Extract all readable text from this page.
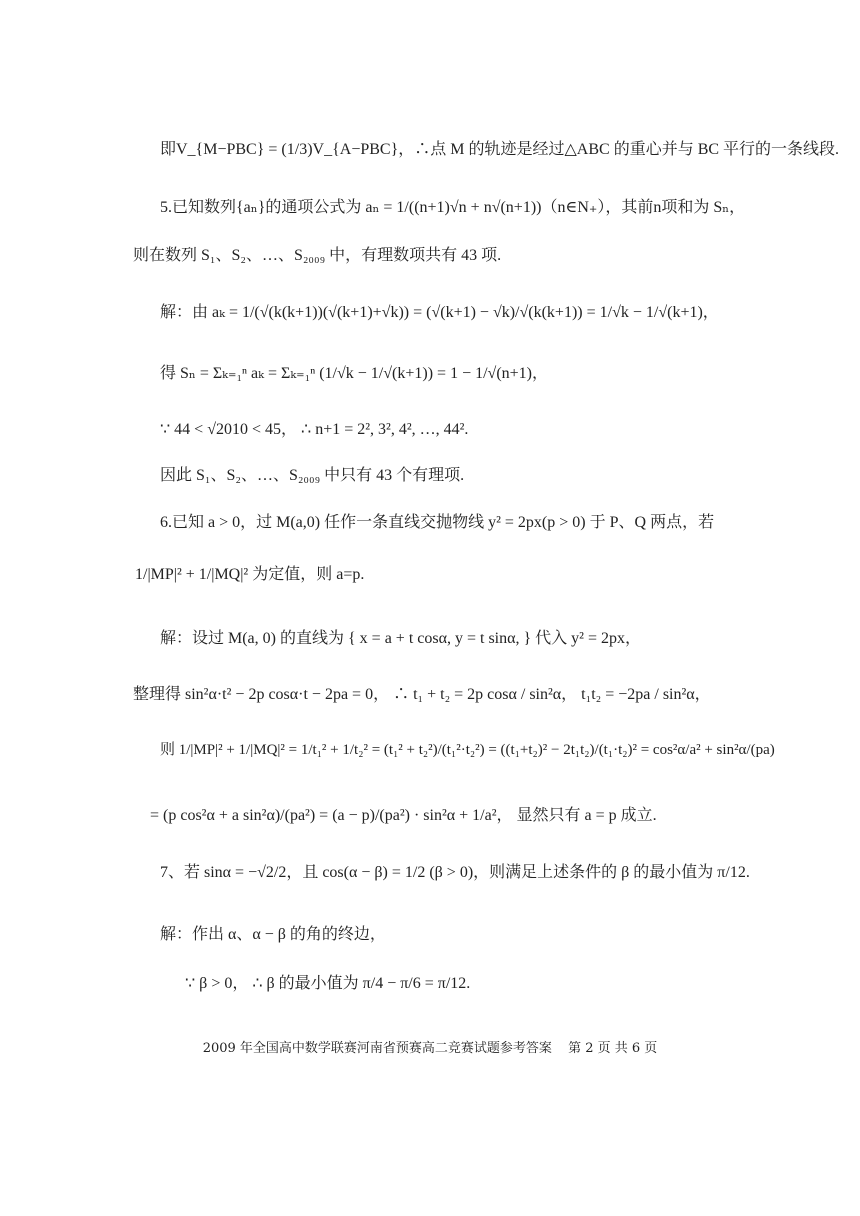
即V_{M−PBC} = (1/3)V_{A−PBC}，∴点 M 的轨迹是经过△ABC 的重心并与 BC 平行的一条线段.
5.已知数列{aₙ}的通项公式为 aₙ = 1/((n+1)√n + n√(n+1))（n∈N₊），其前n项和为 Sₙ，
则在数列 S₁、S₂、…、S₂₀₀₉ 中，有理数项共有 43 项.
解：由 aₖ = 1/(√(k(k+1))(√(k+1)+√k)) = (√(k+1) − √k)/√(k(k+1)) = 1/√k − 1/√(k+1)，
得 Sₙ = Σₖ₌₁ⁿ aₖ = Σₖ₌₁ⁿ (1/√k − 1/√(k+1)) = 1 − 1/√(n+1)，
∵ 44 < √2010 < 45， ∴ n+1 = 2², 3², 4², …, 44².
因此 S₁、S₂、…、S₂₀₀₉ 中只有 43 个有理项.
6.已知 a > 0，过 M(a,0) 任作一条直线交抛物线 y² = 2px(p > 0) 于 P、Q 两点，若
1/|MP|² + 1/|MQ|² 为定值，则 a=p.
解：设过 M(a, 0) 的直线为 { x = a + t cosα, y = t sinα, } 代入 y² = 2px，
整理得 sin²α·t² − 2p cosα·t − 2pa = 0， ∴ t₁ + t₂ = 2p cosα / sin²α， t₁t₂ = −2pa / sin²α，
则 1/|MP|² + 1/|MQ|² = 1/t₁² + 1/t₂² = (t₁² + t₂²)/(t₁²·t₂²) = ((t₁+t₂)² − 2t₁t₂)/(t₁·t₂)² = cos²α/a² + sin²α/(pa)
= (p cos²α + a sin²α)/(pa²) = (a − p)/(pa²) · sin²α + 1/a²， 显然只有 a = p 成立.
7、若 sinα = −√2/2，且 cos(α − β) = 1/2 (β > 0)，则满足上述条件的 β 的最小值为 π/12.
解：作出 α、α − β 的角的终边，
∵ β > 0， ∴ β 的最小值为 π/4 − π/6 = π/12.
2009 年全国高中数学联赛河南省预赛高二竞赛试题参考答案 第 2 页 共 6 页
